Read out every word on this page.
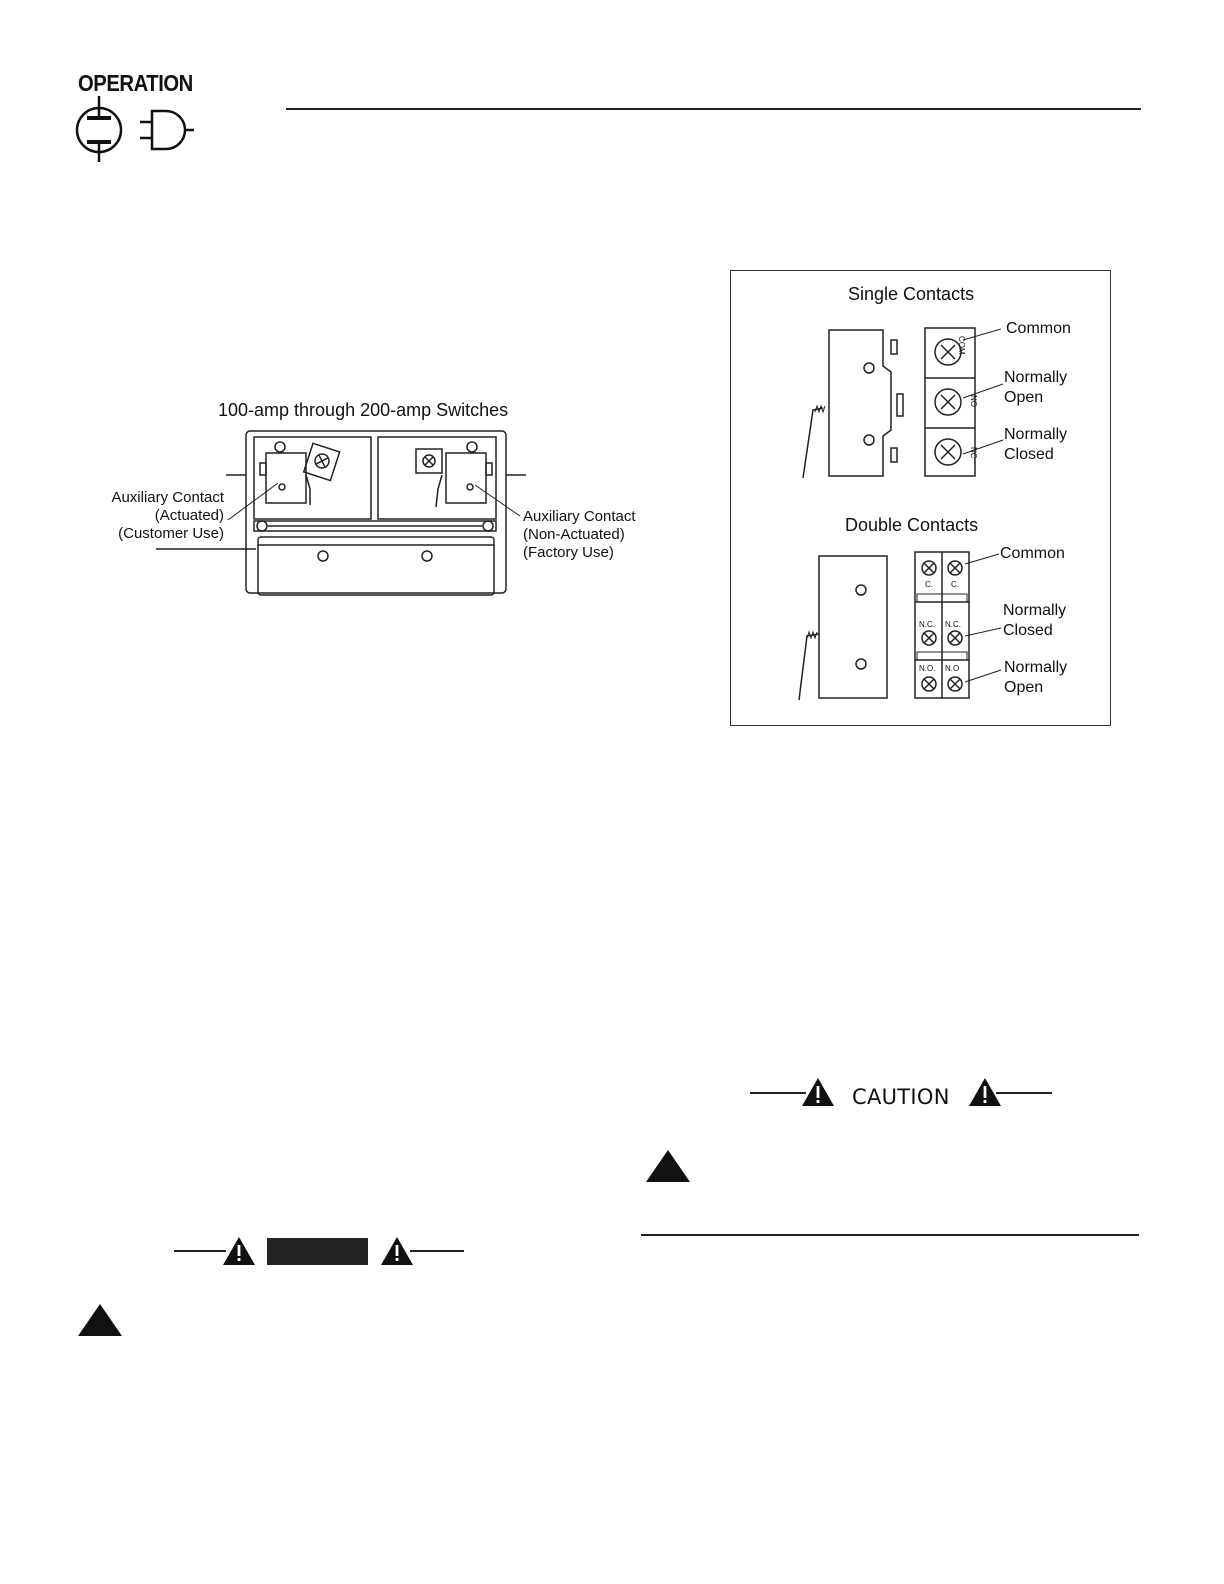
OPERATION
100-amp through 200-amp Switches
Auxiliary Contact
(Actuated)
(Customer Use)
Auxiliary Contact
(Non-Actuated)
(Factory Use)
Single Contacts
COM
NO
NC
Common
Normally
Open
Normally
Closed
Double Contacts
C. C.
N.C. N.C.
N.O. N.O
Common
Normally
Closed
Normally
Open
CAUTION
